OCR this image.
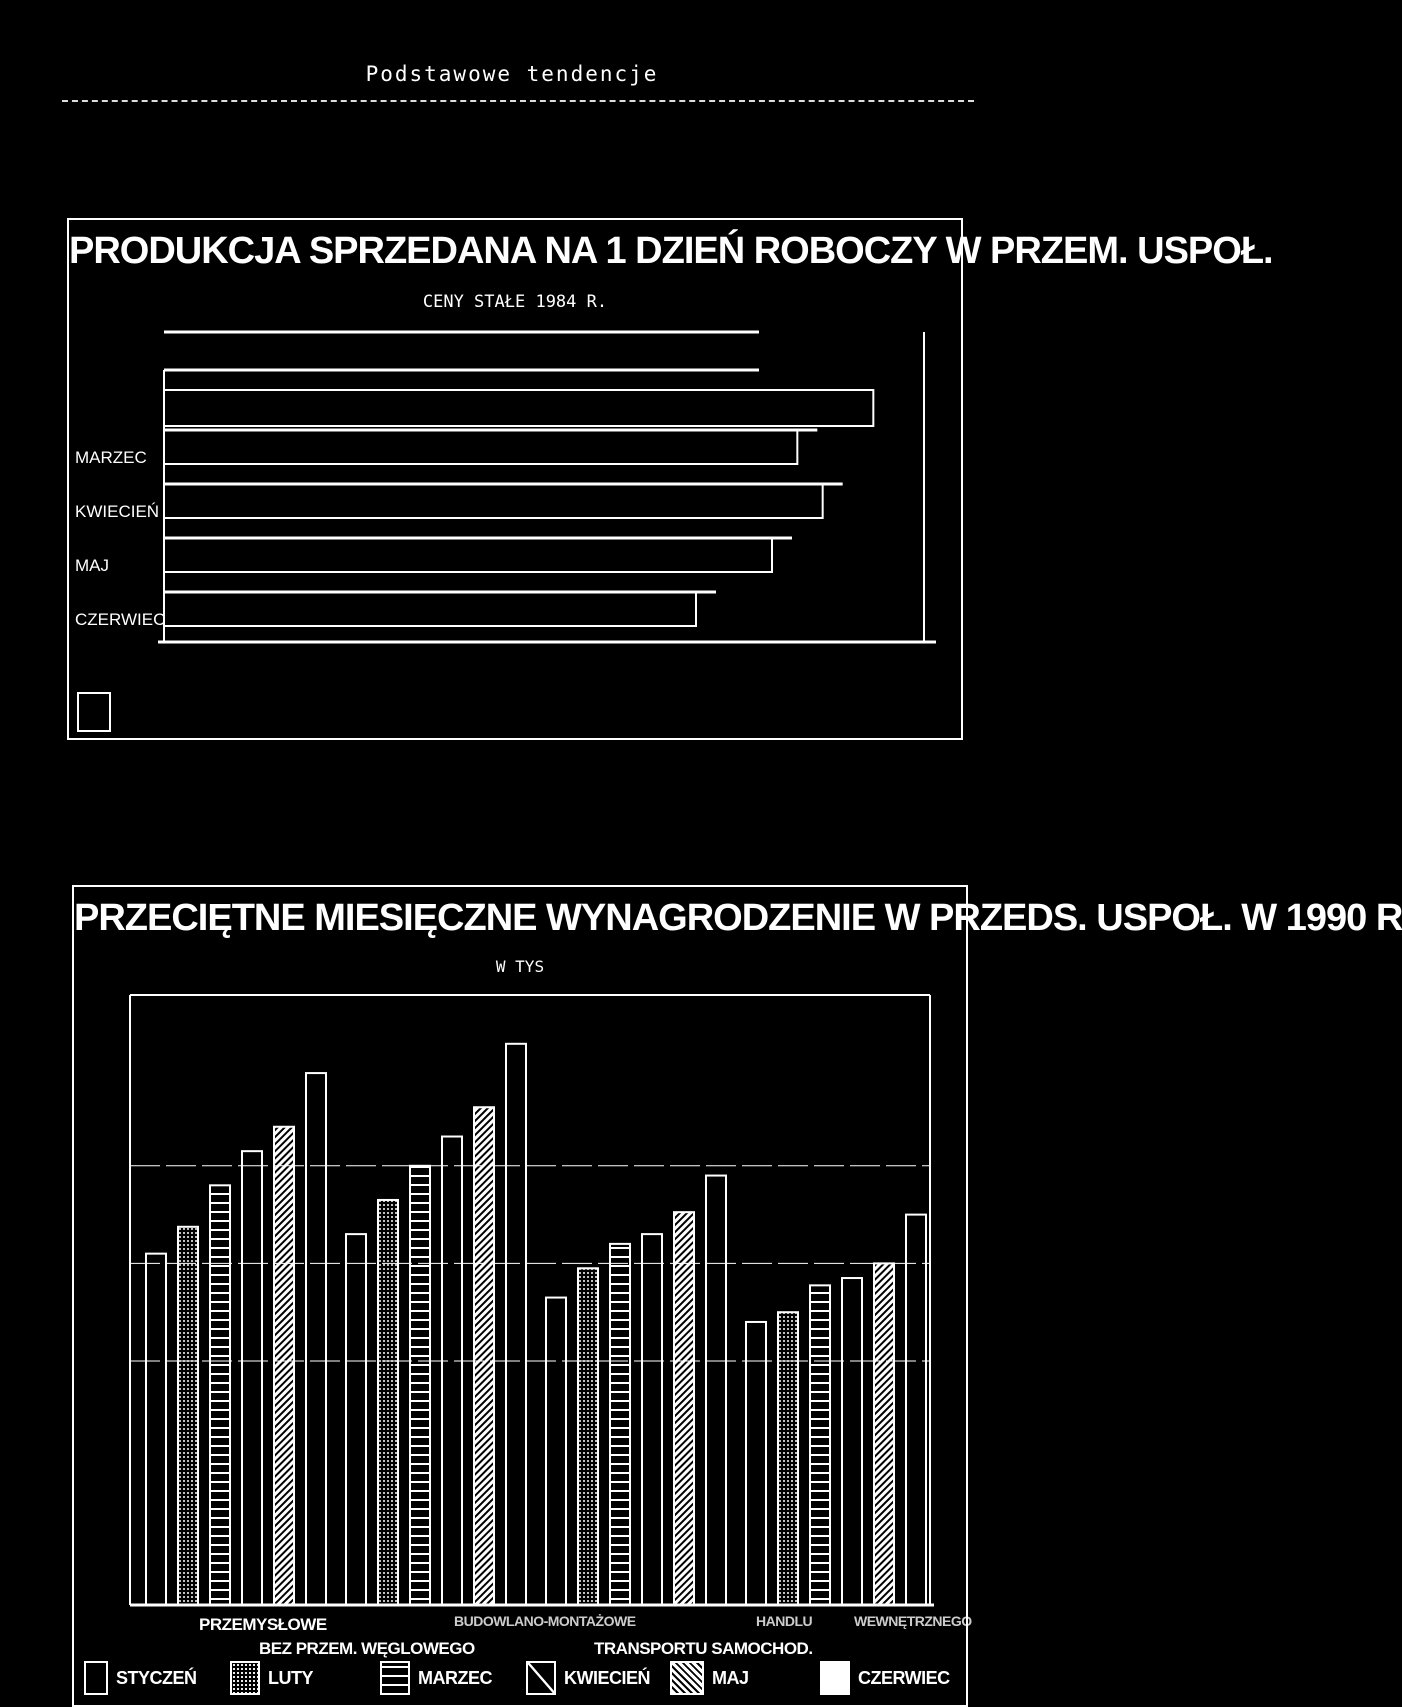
Podstawowe tendencje
PRODUKCJA SPRZEDANA NA 1 DZIEŃ ROBOCZY W PRZEM. USPOŁ.
CENY STAŁE 1984 R.
MARZEC
KWIECIEŃ
MAJ
CZERWIEC
PRZECIĘTNE MIESIĘCZNE WYNAGRODZENIE W PRZEDS. USPOŁ. W 1990 R
W TYS
PRZEMYSŁOWE
BEZ PRZEM. WĘGLOWEGO
BUDOWLANO-MONTAŻOWE
TRANSPORTU SAMOCHOD.
HANDLU	WEWNĘTRZNEGO
STYCZEŃ	LUTY	MARZEC	KWIECIEŃ	MAJ	CZERWIEC
